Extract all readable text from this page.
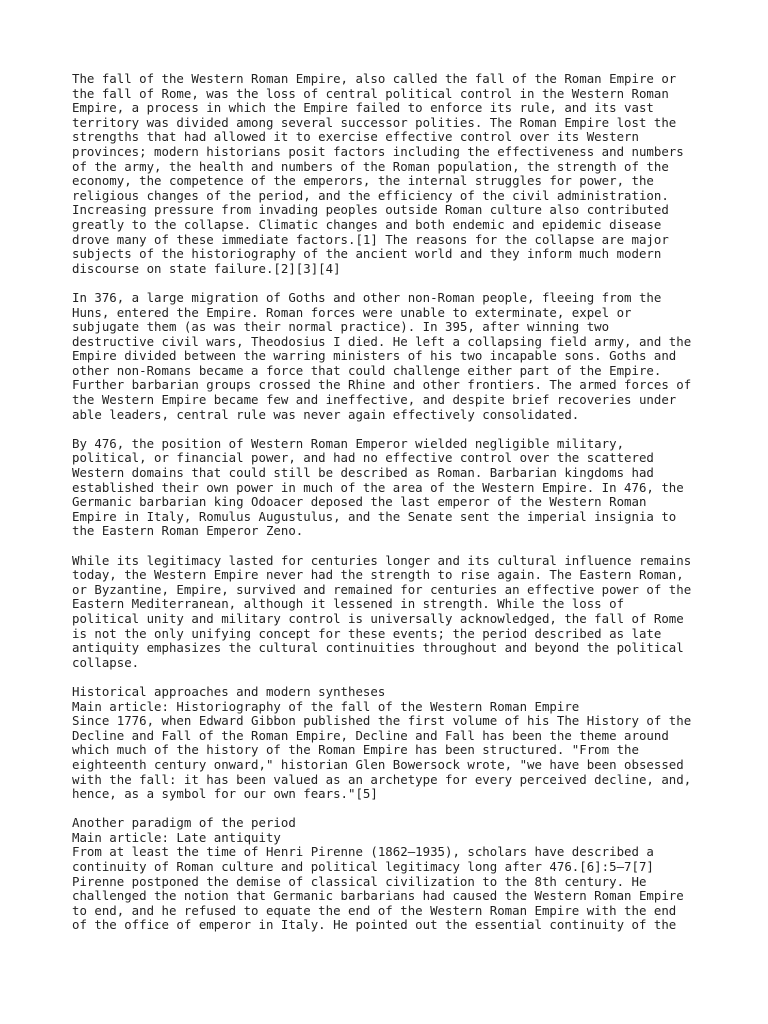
The fall of the Western Roman Empire, also called the fall of the Roman Empire or
the fall of Rome, was the loss of central political control in the Western Roman
Empire, a process in which the Empire failed to enforce its rule, and its vast
territory was divided among several successor polities. The Roman Empire lost the
strengths that had allowed it to exercise effective control over its Western
provinces; modern historians posit factors including the effectiveness and numbers
of the army, the health and numbers of the Roman population, the strength of the
economy, the competence of the emperors, the internal struggles for power, the
religious changes of the period, and the efficiency of the civil administration.
Increasing pressure from invading peoples outside Roman culture also contributed
greatly to the collapse. Climatic changes and both endemic and epidemic disease
drove many of these immediate factors.[1] The reasons for the collapse are major
subjects of the historiography of the ancient world and they inform much modern
discourse on state failure.[2][3][4]
In 376, a large migration of Goths and other non-Roman people, fleeing from the
Huns, entered the Empire. Roman forces were unable to exterminate, expel or
subjugate them (as was their normal practice). In 395, after winning two
destructive civil wars, Theodosius I died. He left a collapsing field army, and the
Empire divided between the warring ministers of his two incapable sons. Goths and
other non-Romans became a force that could challenge either part of the Empire.
Further barbarian groups crossed the Rhine and other frontiers. The armed forces of
the Western Empire became few and ineffective, and despite brief recoveries under
able leaders, central rule was never again effectively consolidated.
By 476, the position of Western Roman Emperor wielded negligible military,
political, or financial power, and had no effective control over the scattered
Western domains that could still be described as Roman. Barbarian kingdoms had
established their own power in much of the area of the Western Empire. In 476, the
Germanic barbarian king Odoacer deposed the last emperor of the Western Roman
Empire in Italy, Romulus Augustulus, and the Senate sent the imperial insignia to
the Eastern Roman Emperor Zeno.
While its legitimacy lasted for centuries longer and its cultural influence remains
today, the Western Empire never had the strength to rise again. The Eastern Roman,
or Byzantine, Empire, survived and remained for centuries an effective power of the
Eastern Mediterranean, although it lessened in strength. While the loss of
political unity and military control is universally acknowledged, the fall of Rome
is not the only unifying concept for these events; the period described as late
antiquity emphasizes the cultural continuities throughout and beyond the political
collapse.
Historical approaches and modern syntheses
Main article: Historiography of the fall of the Western Roman Empire
Since 1776, when Edward Gibbon published the first volume of his The History of the
Decline and Fall of the Roman Empire, Decline and Fall has been the theme around
which much of the history of the Roman Empire has been structured. "From the
eighteenth century onward," historian Glen Bowersock wrote, "we have been obsessed
with the fall: it has been valued as an archetype for every perceived decline, and,
hence, as a symbol for our own fears."[5]
Another paradigm of the period
Main article: Late antiquity
From at least the time of Henri Pirenne (1862–1935), scholars have described a
continuity of Roman culture and political legitimacy long after 476.[6]:5–7[7]
Pirenne postponed the demise of classical civilization to the 8th century. He
challenged the notion that Germanic barbarians had caused the Western Roman Empire
to end, and he refused to equate the end of the Western Roman Empire with the end
of the office of emperor in Italy. He pointed out the essential continuity of the
